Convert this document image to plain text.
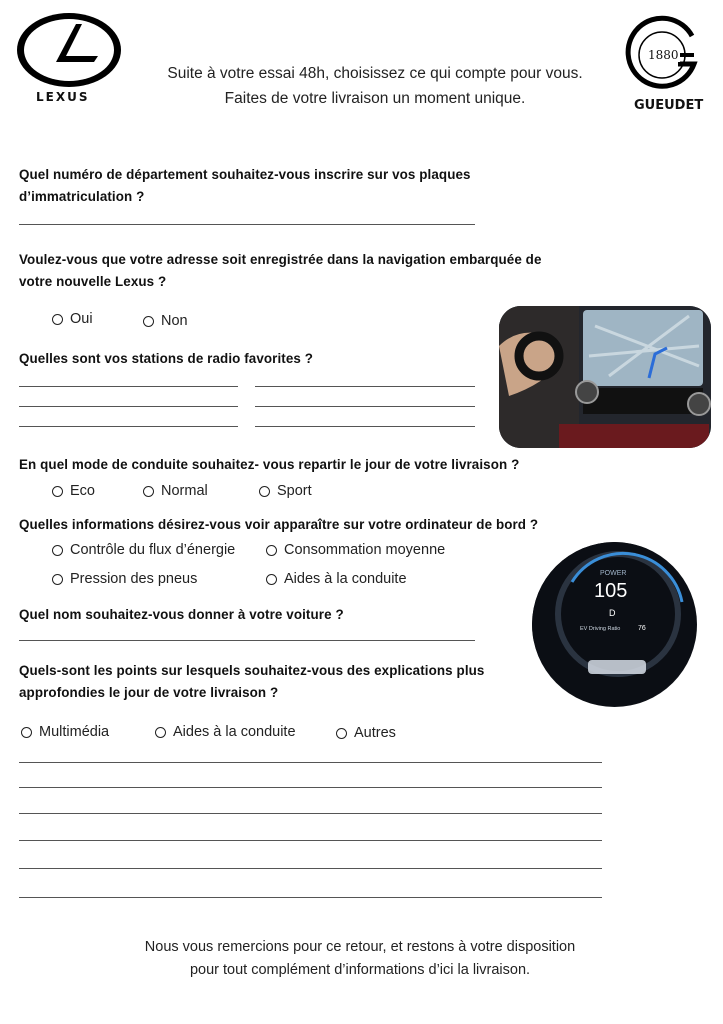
LEXUS
1880
GUEUDET
Suite à votre essai 48h, choisissez ce qui compte pour vous.
Faites de votre livraison un moment unique.
Quel numéro de département souhaitez-vous inscrire sur vos plaques
d’immatriculation ?
Voulez-vous que votre adresse soit enregistrée dans la navigation embarquée de
votre nouvelle Lexus ?
Oui	Non
Quelles sont vos stations de radio favorites ?
En quel mode de conduite souhaitez- vous repartir le jour de votre livraison ?
Eco	Normal	Sport
Quelles informations désirez-vous voir apparaître sur votre ordinateur de bord ?
Contrôle du flux d’énergie	Consommation moyenne
Pression des pneus	Aides à la conduite	POWER
105
D
EV Driving Ratio	76
Quel nom souhaitez-vous donner à votre voiture ?
Quels-sont les points sur lesquels souhaitez-vous des explications plus
approfondies le jour de votre livraison ?
Multimédia	Aides à la conduite	Autres
Nous vous remercions pour ce retour, et restons à votre disposition
pour tout complément d’informations d’ici la livraison.
